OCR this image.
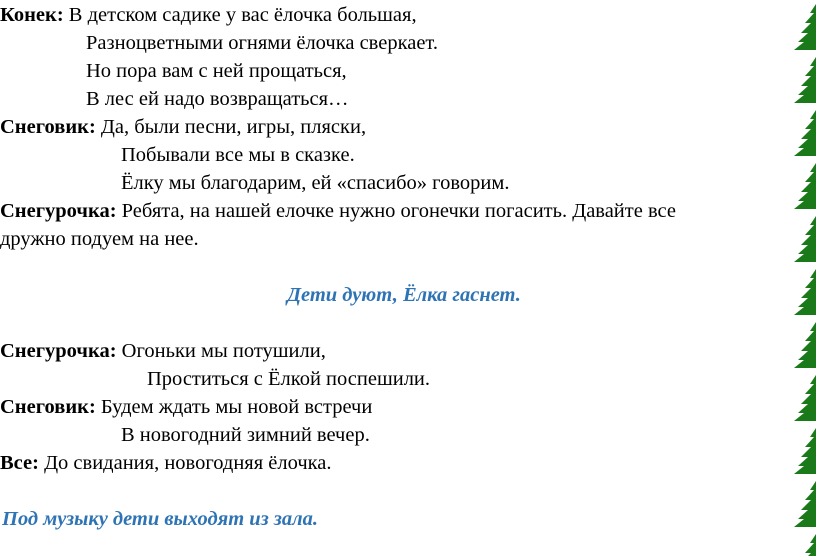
Конек: В детском садике у вас ёлочка большая,
Разноцветными огнями ёлочка сверкает.
Но пора вам с ней прощаться,
В лес ей надо возвращаться…
Снеговик: Да, были песни, игры, пляски,
Побывали все мы в сказке.
Ёлку мы благодарим, ей «спасибо» говорим.
Снегурочка: Ребята, на нашей елочке нужно огонечки погасить. Давайте все
дружно подуем на нее.
Дети дуют, Ёлка гаснет.
Снегурочка: Огоньки мы потушили,
Проститься с Ёлкой поспешили.
Снеговик: Будем ждать мы новой встречи
В новогодний зимний вечер.
Все: До свидания, новогодняя ёлочка.
Под музыку дети выходят из зала.
